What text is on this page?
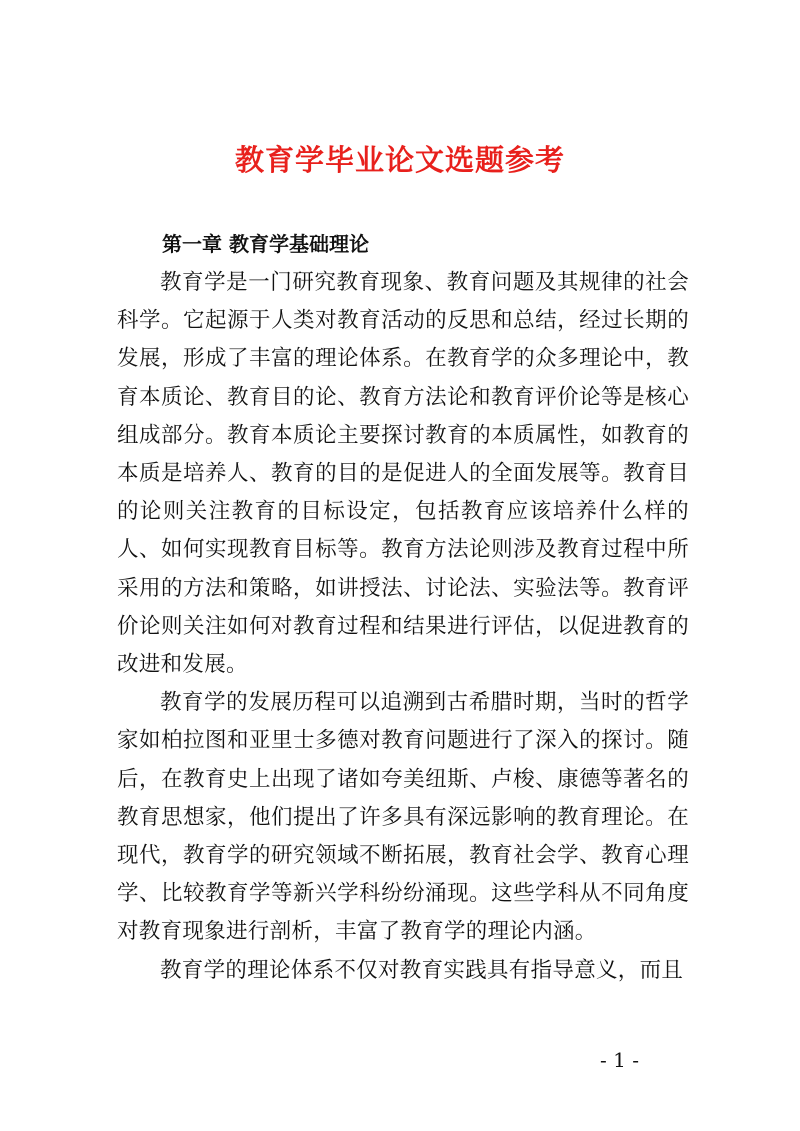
教育学毕业论文选题参考
第一章 教育学基础理论

教育学是一门研究教育现象、教育问题及其规律的社会科学。它起源于人类对教育活动的反思和总结，经过长期的发展，形成了丰富的理论体系。在教育学的众多理论中，教育本质论、教育目的论、教育方法论和教育评价论等是核心组成部分。教育本质论主要探讨教育的本质属性，如教育的本质是培养人、教育的目的是促进人的全面发展等。教育目的论则关注教育的目标设定，包括教育应该培养什么样的人、如何实现教育目标等。教育方法论则涉及教育过程中所采用的方法和策略，如讲授法、讨论法、实验法等。教育评价论则关注如何对教育过程和结果进行评估，以促进教育的改进和发展。

教育学的发展历程可以追溯到古希腊时期，当时的哲学家如柏拉图和亚里士多德对教育问题进行了深入的探讨。随后，在教育史上出现了诸如夸美纽斯、卢梭、康德等著名的教育思想家，他们提出了许多具有深远影响的教育理论。在现代，教育学的研究领域不断拓展，教育社会学、教育心理学、比较教育学等新兴学科纷纷涌现。这些学科从不同角度对教育现象进行剖析，丰富了教育学的理论内涵。

教育学的理论体系不仅对教育实践具有指导意义，而且

- 1 -
